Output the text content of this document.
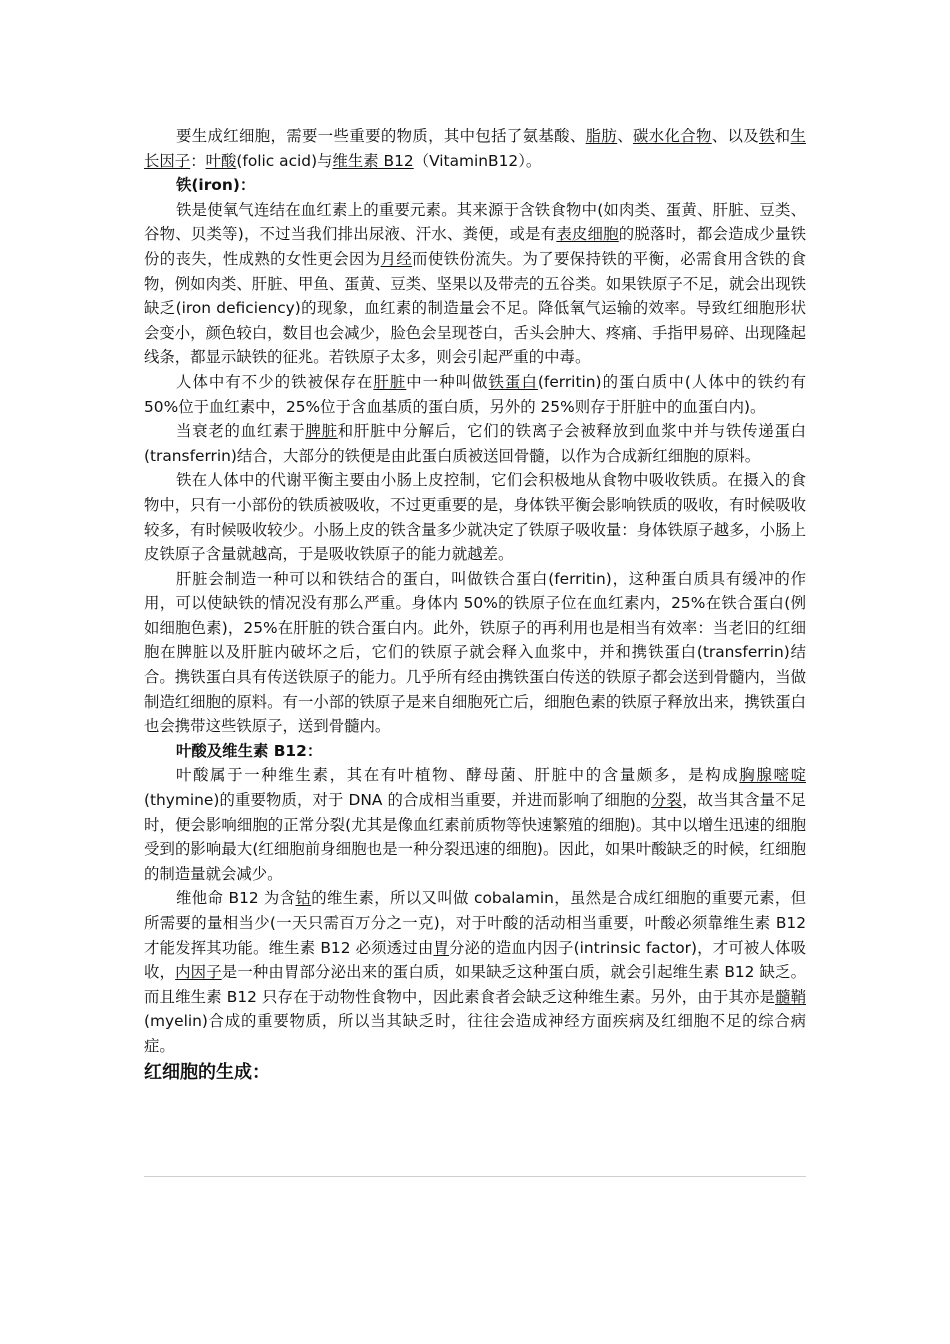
要生成红细胞，需要一些重要的物质，其中包括了氨基酸、脂肪、碳水化合物、以及铁和生长因子：叶酸(folic acid)与维生素 B12（VitaminB12）。

铁(iron)：

铁是使氧气连结在血红素上的重要元素。其来源于含铁食物中(如肉类、蛋黄、肝脏、豆类、谷物、贝类等)，不过当我们排出尿液、汗水、粪便，或是有表皮细胞的脱落时，都会造成少量铁份的丧失，性成熟的女性更会因为月经而使铁份流失。为了要保持铁的平衡，必需食用含铁的食物，例如肉类、肝脏、甲鱼、蛋黄、豆类、坚果以及带壳的五谷类。如果铁原子不足，就会出现铁缺乏(iron deficiency)的现象，血红素的制造量会不足。降低氧气运输的效率。导致红细胞形状会变小，颜色较白，数目也会减少，脸色会呈现苍白，舌头会肿大、疼痛、手指甲易碎、出现隆起线条，都显示缺铁的征兆。若铁原子太多，则会引起严重的中毒。

人体中有不少的铁被保存在肝脏中一种叫做铁蛋白(ferritin)的蛋白质中(人体中的铁约有 50%位于血红素中，25%位于含血基质的蛋白质，另外的 25%则存于肝脏中的血蛋白内)。

当衰老的血红素于脾脏和肝脏中分解后，它们的铁离子会被释放到血浆中并与铁传递蛋白(transferrin)结合，大部分的铁便是由此蛋白质被送回骨髓，以作为合成新红细胞的原料。

铁在人体中的代谢平衡主要由小肠上皮控制，它们会积极地从食物中吸收铁质。在摄入的食物中，只有一小部份的铁质被吸收，不过更重要的是，身体铁平衡会影响铁质的吸收，有时候吸收较多，有时候吸收较少。小肠上皮的铁含量多少就决定了铁原子吸收量：身体铁原子越多，小肠上皮铁原子含量就越高，于是吸收铁原子的能力就越差。

肝脏会制造一种可以和铁结合的蛋白，叫做铁合蛋白(ferritin)，这种蛋白质具有缓冲的作用，可以使缺铁的情况没有那么严重。身体内 50%的铁原子位在血红素内，25%在铁合蛋白(例如细胞色素)，25%在肝脏的铁合蛋白内。此外，铁原子的再利用也是相当有效率：当老旧的红细胞在脾脏以及肝脏内破坏之后，它们的铁原子就会释入血浆中，并和携铁蛋白(transferrin)结合。携铁蛋白具有传送铁原子的能力。几乎所有经由携铁蛋白传送的铁原子都会送到骨髓内，当做制造红细胞的原料。有一小部的铁原子是来自细胞死亡后，细胞色素的铁原子释放出来，携铁蛋白也会携带这些铁原子，送到骨髓内。

叶酸及维生素 B12：

叶酸属于一种维生素，其在有叶植物、酵母菌、肝脏中的含量颇多，是构成胸腺嘧啶(thymine)的重要物质，对于 DNA 的合成相当重要，并进而影响了细胞的分裂，故当其含量不足时，便会影响细胞的正常分裂(尤其是像血红素前质物等快速繁殖的细胞)。其中以增生迅速的细胞受到的影响最大(红细胞前身细胞也是一种分裂迅速的细胞)。因此，如果叶酸缺乏的时候，红细胞的制造量就会减少。

维他命 B12 为含钴的维生素，所以又叫做 cobalamin，虽然是合成红细胞的重要元素，但所需要的量相当少(一天只需百万分之一克)，对于叶酸的活动相当重要，叶酸必须靠维生素 B12 才能发挥其功能。维生素 B12 必须透过由胃分泌的造血内因子(intrinsic factor)，才可被人体吸收，内因子是一种由胃部分泌出来的蛋白质，如果缺乏这种蛋白质，就会引起维生素 B12 缺乏。而且维生素 B12 只存在于动物性食物中，因此素食者会缺乏这种维生素。另外，由于其亦是髓鞘(myelin)合成的重要物质，所以当其缺乏时，往往会造成神经方面疾病及红细胞不足的综合病症。

红细胞的生成：
